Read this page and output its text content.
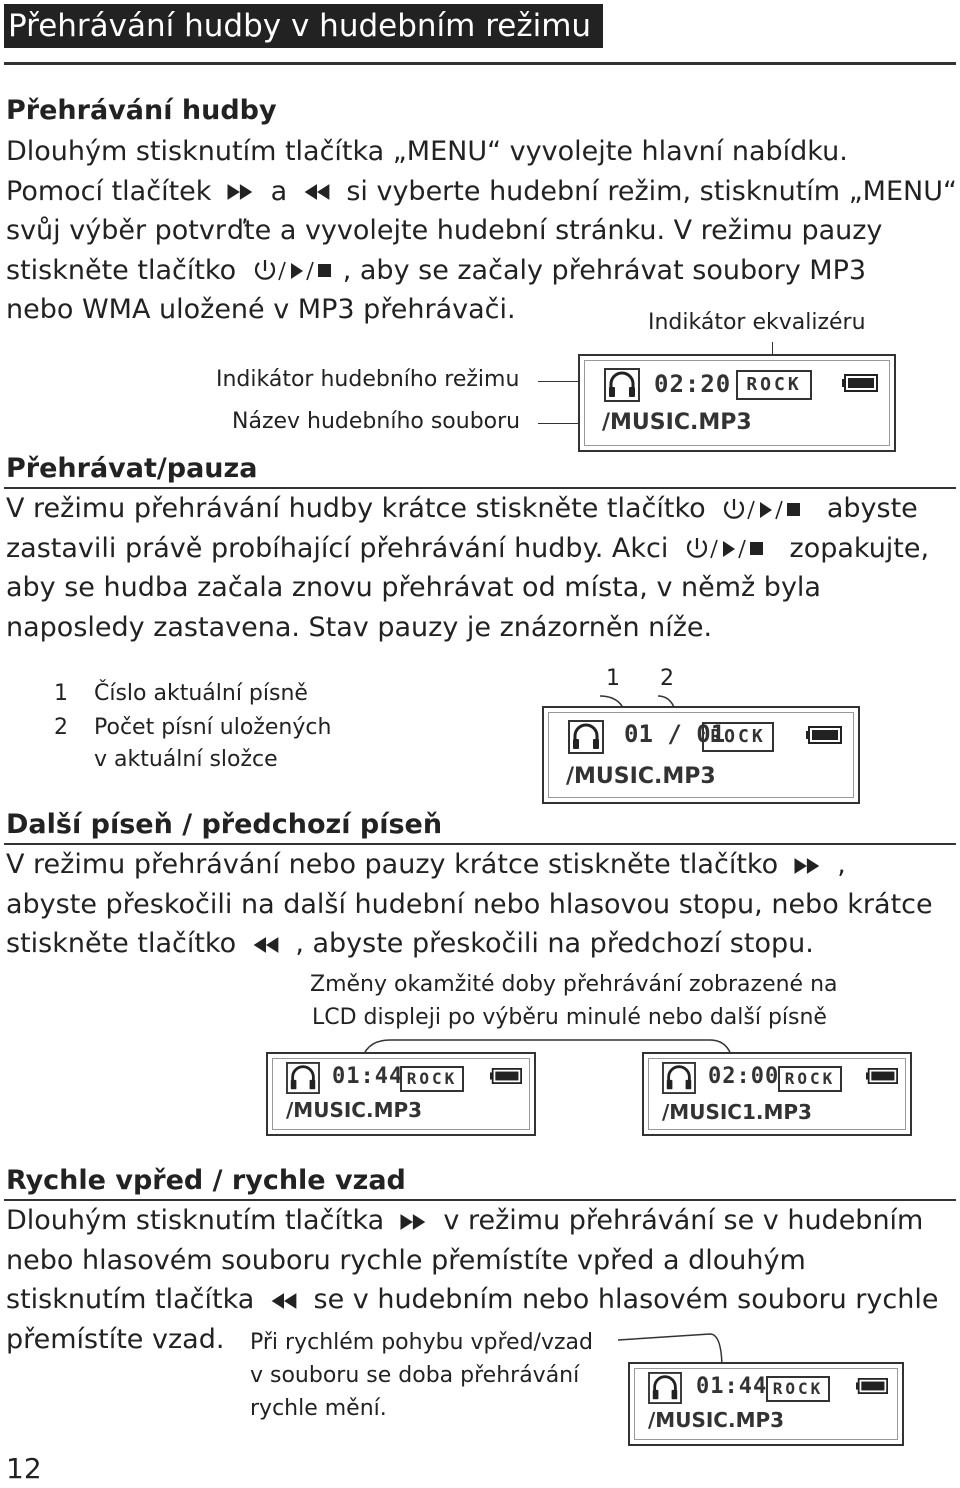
Přehrávání hudby v hudebním režimu
Přehrávání hudby
Dlouhým stisknutím tlačítka „MENU“ vyvolejte hlavní nabídku.
Pomocí tlačítek a si vyberte hudební režim, stisknutím „MENU“
svůj výběr potvrďte a vyvolejte hudební stránku. V režimu pauzy
stiskněte tlačítko	, aby se začaly přehrávat soubory MP3
nebo WMA uložené v MP3 přehrávači.	Indikátor ekvalizéru
Indikátor hudebního režimu
Název hudebního souboru
02:20 ROCK
/MUSIC.MP3
Přehrávat/pauza
V režimu přehrávání hudby krátce stiskněte tlačítko	abyste
zastavili právě probíhající přehrávání hudby. Akci	zopakujte,
aby se hudba začala znovu přehrávat od místa, v němž byla
naposledy zastavena. Stav pauzy je znázorněn níže.
1 Číslo aktuální písně
2 Počet písní uložených
v aktuální složce
1 2
01 / 01
ROCK
/MUSIC.MP3
Další píseň / předchozí píseň
V režimu přehrávání nebo pauzy krátce stiskněte tlačítko ,
abyste přeskočili na další hudební nebo hlasovou stopu, nebo krátce
stiskněte tlačítko , abyste přeskočili na předchozí stopu.
Změny okamžité doby přehrávání zobrazené na
LCD displeji po výběru minulé nebo další písně
01:44 ROCK
/MUSIC.MP3
02:00 ROCK
/MUSIC1.MP3
Rychle vpřed / rychle vzad
Dlouhým stisknutím tlačítka v režimu přehrávání se v hudebním
nebo hlasovém souboru rychle přemístíte vpřed a dlouhým
stisknutím tlačítka se v hudebním nebo hlasovém souboru rychle
přemístíte vzad.	Při rychlém pohybu vpřed/vzad
v souboru se doba přehrávání
rychle mění.
01:44 ROCK
/MUSIC.MP3
12
